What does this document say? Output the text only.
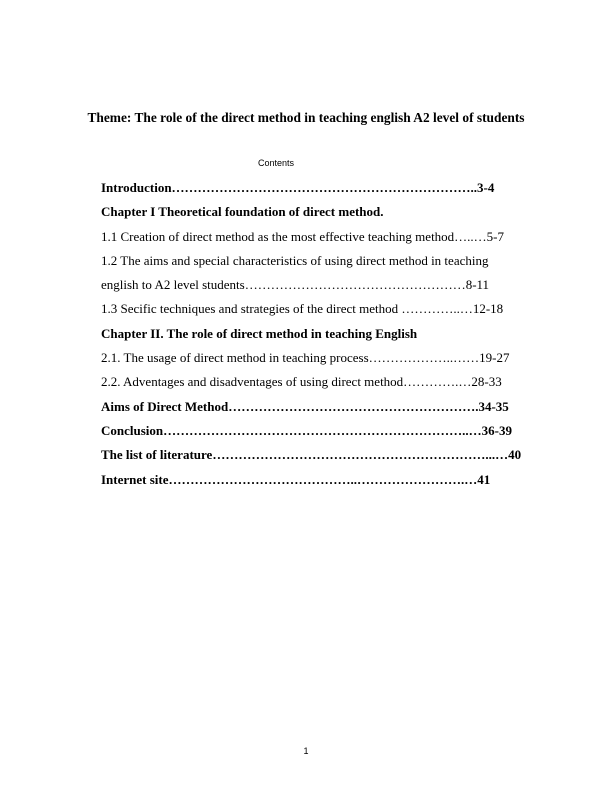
Theme: The role of the direct method in teaching english A2 level of students
Contents
Introduction……………………………………………………………..3-4
Chapter I Theoretical foundation of direct method.
1.1 Creation of direct method as the most effective teaching method…..…5-7
1.2 The aims and special characteristics of using direct method in teaching
english to A2 level students……………………………………………8-11
1.3 Secific techniques and strategies of the direct method …………..…12-18
Chapter II. The role of direct method in teaching English
2.1. The usage of direct method in teaching process………………..……19-27
2.2. Adventages and disadventages of using direct method………….…28-33
Aims of Direct Method………………………………………………….34-35
Conclusion……………………………………………………………..…36-39
The list of literature………………………………………………………...…40
Internet site……………………………………..…………………….…41
1
